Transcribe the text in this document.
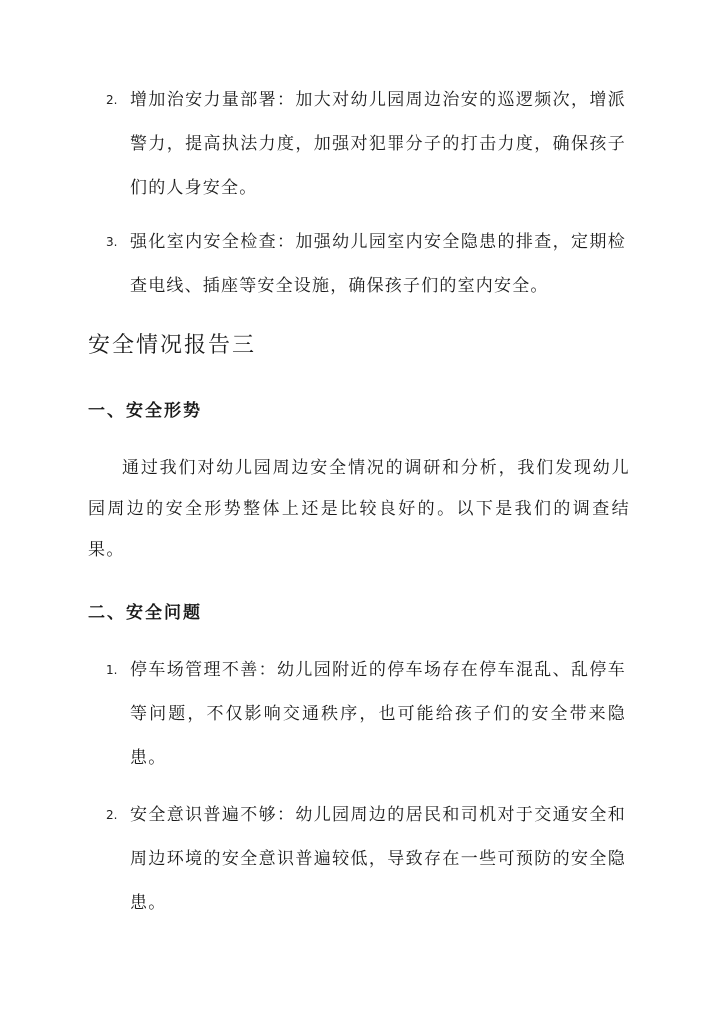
2. 增加治安力量部署：加大对幼儿园周边治安的巡逻频次，增派警力，提高执法力度，加强对犯罪分子的打击力度，确保孩子们的人身安全。
3. 强化室内安全检查：加强幼儿园室内安全隐患的排查，定期检查电线、插座等安全设施，确保孩子们的室内安全。
安全情况报告三
一、安全形势

通过我们对幼儿园周边安全情况的调研和分析，我们发现幼儿园周边的安全形势整体上还是比较良好的。以下是我们的调查结果。

二、安全问题
1. 停车场管理不善：幼儿园附近的停车场存在停车混乱、乱停车等问题，不仅影响交通秩序，也可能给孩子们的安全带来隐患。
2. 安全意识普遍不够：幼儿园周边的居民和司机对于交通安全和周边环境的安全意识普遍较低，导致存在一些可预防的安全隐患。
